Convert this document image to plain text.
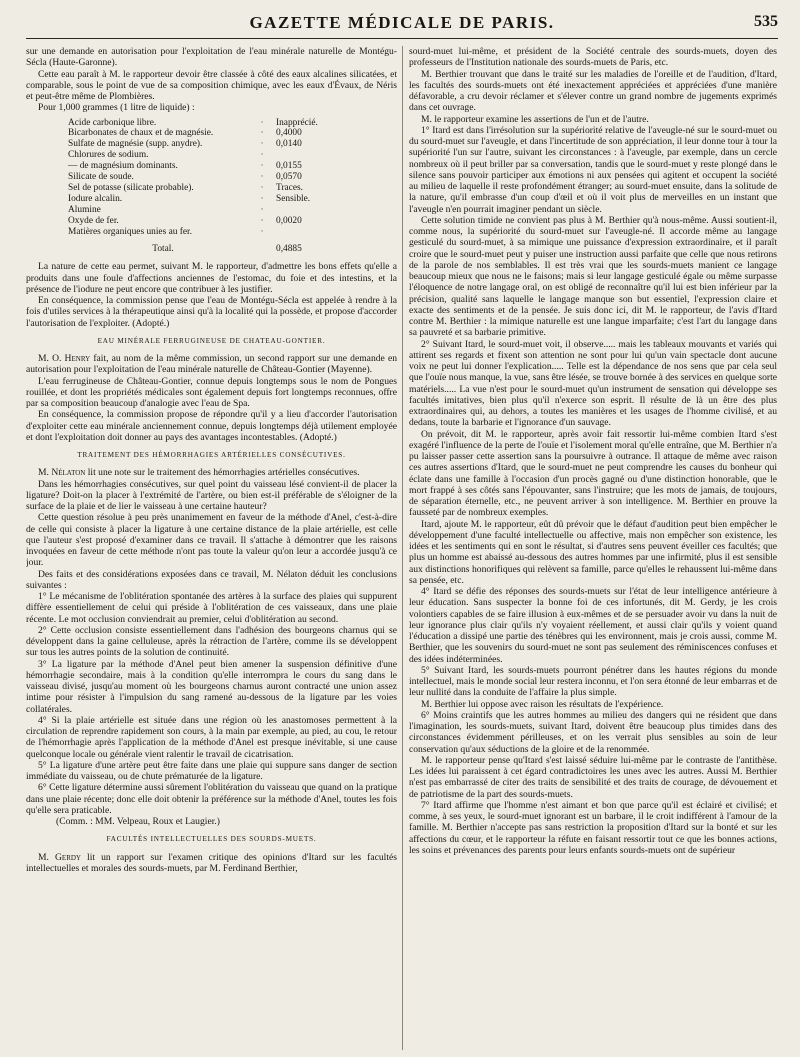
GAZETTE MÉDICALE DE PARIS.	535

sur une demande en autorisation pour l'exploitation de l'eau minérale naturelle de Montégu-Sécla (Haute-Garonne).

Cette eau paraît à M. le rapporteur devoir être classée à côté des eaux alcalines silicatées, et comparable, sous le point de vue de sa composition chimique, avec les eaux d'Évaux, de Néris et peut-être même de Plombières.

Pour 1,000 grammes (1 litre de liquide) :

Acide carbonique libre.	·	Inapprécié.
Bicarbonates de chaux et de magnésie.	·	0,4000
Sulfate de magnésie (supp. anydre).	·	0,0140
Chlorures de sodium.	·	
— de magnésium dominants.	·	0,0155
Silicate de soude.	·	0,0570
Sel de potasse (silicate probable).	·	Traces.
Iodure alcalin.	·	Sensible.
Alumine	·	
Oxyde de fer.	·	0,0020
Matières organiques unies au fer.	·	
Total.		0,4885

La nature de cette eau permet, suivant M. le rapporteur, d'admettre les bons effets qu'elle a produits dans une foule d'affections anciennes de l'estomac, du foie et des intestins, et la présence de l'iodure ne peut encore que contribuer à les justifier.

En conséquence, la commission pense que l'eau de Montégu-Sécla est appelée à rendre à la fois d'utiles services à la thérapeutique ainsi qu'à la localité qui la possède, et propose d'accorder l'autorisation de l'exploiter. (Adopté.)

EAU MINÉRALE FERRUGINEUSE DE CHATEAU-GONTIER.

M. O. Henry fait, au nom de la même commission, un second rapport sur une demande en autorisation pour l'exploitation de l'eau minérale naturelle de Château-Gontier (Mayenne).

L'eau ferrugineuse de Château-Gontier, connue depuis longtemps sous le nom de Pongues rouillée, et dont les propriétés médicales sont également depuis fort longtemps reconnues, offre par sa composition beaucoup d'analogie avec l'eau de Spa.

En conséquence, la commission propose de répondre qu'il y a lieu d'accorder l'autorisation d'exploiter cette eau minérale anciennement connue, depuis longtemps déjà utilement employée et dont l'exploitation doit donner au pays des avantages incontestables. (Adopté.)

TRAITEMENT DES HÉMORRHAGIES ARTÉRIELLES CONSÉCUTIVES.

M. Nélaton lit une note sur le traitement des hémorrhagies artérielles consécutives.

Dans les hémorrhagies consécutives, sur quel point du vaisseau lésé convient-il de placer la ligature? Doit-on la placer à l'extrémité de l'artère, ou bien est-il préférable de s'éloigner de la surface de la plaie et de lier le vaisseau à une certaine hauteur?

Cette question résolue à peu près unanimement en faveur de la méthode d'Anel, c'est-à-dire de celle qui consiste à placer la ligature à une certaine distance de la plaie artérielle, est celle que l'auteur s'est proposé d'examiner dans ce travail. Il s'attache à démontrer que les raisons invoquées en faveur de cette méthode n'ont pas toute la valeur qu'on leur a accordée jusqu'à ce jour.

Des faits et des considérations exposées dans ce travail, M. Nélaton déduit les conclusions suivantes :

1° Le mécanisme de l'oblitération spontanée des artères à la surface des plaies qui suppurent diffère essentiellement de celui qui préside à l'oblitération de ces vaisseaux, dans une plaie récente. Le mot occlusion conviendrait au premier, celui d'oblitération au second.

2° Cette occlusion consiste essentiellement dans l'adhésion des bourgeons charnus qui se développent dans la gaine celluleuse, après la rétraction de l'artère, comme ils se développent sur tous les autres points de la solution de continuité.

3° La ligature par la méthode d'Anel peut bien amener la suspension définitive d'une hémorrhagie secondaire, mais à la condition qu'elle interrompra le cours du sang dans le vaisseau divisé, jusqu'au moment où les bourgeons charnus auront contracté une union assez intime pour résister à l'impulsion du sang ramené au-dessous de la ligature par les voies collatérales.

4° Si la plaie artérielle est située dans une région où les anastomoses permettent à la circulation de reprendre rapidement son cours, à la main par exemple, au pied, au cou, le retour de l'hémorrhagie après l'application de la méthode d'Anel est presque inévitable, si une cause quelconque locale ou générale vient ralentir le travail de cicatrisation.

5° La ligature d'une artère peut être faite dans une plaie qui suppure sans danger de section immédiate du vaisseau, ou de chute prématurée de la ligature.

6° Cette ligature détermine aussi sûrement l'oblitération du vaisseau que quand on la pratique dans une plaie récente; donc elle doit obtenir la préférence sur la méthode d'Anel, toutes les fois qu'elle sera praticable.

(Comm. : MM. Velpeau, Roux et Laugier.)

FACULTÉS INTELLECTUELLES DES SOURDS-MUETS.

M. Gerdy lit un rapport sur l'examen critique des opinions d'Itard sur les facultés intellectuelles et morales des sourds-muets, par M. Ferdinand Berthier,

sourd-muet lui-même, et président de la Société centrale des sourds-muets, doyen des professeurs de l'Institution nationale des sourds-muets de Paris, etc.

M. Berthier trouvant que dans le traité sur les maladies de l'oreille et de l'audition, d'Itard, les facultés des sourds-muets ont été inexactement appréciées et appréciées d'une manière défavorable, a cru devoir réclamer et s'élever contre un grand nombre de jugements exprimés dans cet ouvrage.

M. le rapporteur examine les assertions de l'un et de l'autre.

1° Itard est dans l'irrésolution sur la supériorité relative de l'aveugle-né sur le sourd-muet ou du sourd-muet sur l'aveugle, et dans l'incertitude de son appréciation, il leur donne tour à tour la supériorité l'un sur l'autre, suivant les circonstances : à l'aveugle, par exemple, dans un cercle nombreux où il peut briller par sa conversation, tandis que le sourd-muet y reste plongé dans le silence sans pouvoir participer aux émotions ni aux pensées qui agitent et occupent la société au milieu de laquelle il reste profondément étranger; au sourd-muet ensuite, dans la solitude de la nature, qu'il embrasse d'un coup d'œil et où il voit plus de merveilles en un instant que l'aveugle n'en pourrait imaginer pendant un siècle.

Cette solution timide ne convient pas plus à M. Berthier qu'à nous-même. Aussi soutient-il, comme nous, la supériorité du sourd-muet sur l'aveugle-né. Il accorde même au langage gesticulé du sourd-muet, à sa mimique une puissance d'expression extraordinaire, et il paraît croire que le sourd-muet peut y puiser une instruction aussi parfaite que celle que nous retirons de la parole de nos semblables. Il est très vrai que les sourds-muets manient ce langage beaucoup mieux que nous ne le faisons; mais si leur langage gesticulé égale ou même surpasse l'éloquence de notre langage oral, on est obligé de reconnaître qu'il lui est bien inférieur par la précision, qualité sans laquelle le langage manque son but essentiel, l'expression claire et exacte des sentiments et de la pensée. Je suis donc ici, dit M. le rapporteur, de l'avis d'Itard contre M. Berthier : la mimique naturelle est une langue imparfaite; c'est l'art du langage dans sa pauvreté et sa barbarie primitive.

2° Suivant Itard, le sourd-muet voit, il observe..... mais les tableaux mouvants et variés qui attirent ses regards et fixent son attention ne sont pour lui qu'un vain spectacle dont aucune voix ne peut lui donner l'explication..... Telle est la dépendance de nos sens que par cela seul que l'ouïe nous manque, la vue, sans être lésée, se trouve bornée à des services en quelque sorte matériels..... La vue n'est pour le sourd-muet qu'un instrument de sensation qui développe ses facultés imitatives, bien plus qu'il n'exerce son esprit. Il résulte de là un être des plus extraordinaires qui, au dehors, a toutes les manières et les usages de l'homme civilisé, et au dedans, toute la barbarie et l'ignorance d'un sauvage.

On prévoit, dit M. le rapporteur, après avoir fait ressortir lui-même combien Itard s'est exagéré l'influence de la perte de l'ouïe et l'isolement moral qu'elle entraîne, que M. Berthier n'a pu laisser passer cette assertion sans la poursuivre à outrance. Il attaque de même avec raison ces autres assertions d'Itard, que le sourd-muet ne peut comprendre les causes du bonheur qui éclate dans une famille à l'occasion d'un procès gagné ou d'une distinction honorable, que le mort frappé à ses côtés sans l'épouvanter, sans l'instruire; que les mots de jamais, de toujours, de séparation éternelle, etc., ne peuvent arriver à son intelligence. M. Berthier en prouve la fausseté par de nombreux exemples.

Itard, ajoute M. le rapporteur, eût dû prévoir que le défaut d'audition peut bien empêcher le développement d'une faculté intellectuelle ou affective, mais non empêcher son existence, les idées et les sentiments qui en sont le résultat, si d'autres sens peuvent éveiller ces facultés; que plus un homme est abaissé au-dessous des autres hommes par une infirmité, plus il est sensible aux distinctions honorifiques qui relèvent sa famille, parce qu'elles le rehaussent lui-même dans sa pensée, etc.

4° Itard se défie des réponses des sourds-muets sur l'état de leur intelligence antérieure à leur éducation. Sans suspecter la bonne foi de ces infortunés, dit M. Gerdy, je les crois volontiers capables de se faire illusion à eux-mêmes et de se persuader avoir vu dans la nuit de leur ignorance plus clair qu'ils n'y voyaient réellement, et aussi clair qu'ils y voient quand l'éducation a dissipé une partie des ténèbres qui les environnent, mais je crois aussi, comme M. Berthier, que les souvenirs du sourd-muet ne sont pas seulement des réminiscences confuses et des idées indéterminées.

5° Suivant Itard, les sourds-muets pourront pénétrer dans les hautes régions du monde intellectuel, mais le monde social leur restera inconnu, et l'on sera étonné de leur embarras et de leur nullité dans la conduite de l'affaire la plus simple.

M. Berthier lui oppose avec raison les résultats de l'expérience.

6° Moins craintifs que les autres hommes au milieu des dangers qui ne résident que dans l'imagination, les sourds-muets, suivant Itard, doivent être beaucoup plus timides dans des circonstances évidemment périlleuses, et on les verrait plus sensibles au soin de leur conservation qu'aux séductions de la gloire et de la renommée.

M. le rapporteur pense qu'Itard s'est laissé séduire lui-même par le contraste de l'antithèse. Les idées lui paraissent à cet égard contradictoires les unes avec les autres. Aussi M. Berthier n'est pas embarrassé de citer des traits de sensibilité et des traits de courage, de dévouement et de patriotisme de la part des sourds-muets.

7° Itard affirme que l'homme n'est aimant et bon que parce qu'il est éclairé et civilisé; et comme, à ses yeux, le sourd-muet ignorant est un barbare, il le croit indifférent à l'amour de la famille. M. Berthier n'accepte pas sans restriction la proposition d'Itard sur la bonté et sur les affections du cœur, et le rapporteur la réfute en faisant ressortir tout ce que les bonnes actions, les soins et prévenances des parents pour leurs enfants sourds-muets ont de supérieur
